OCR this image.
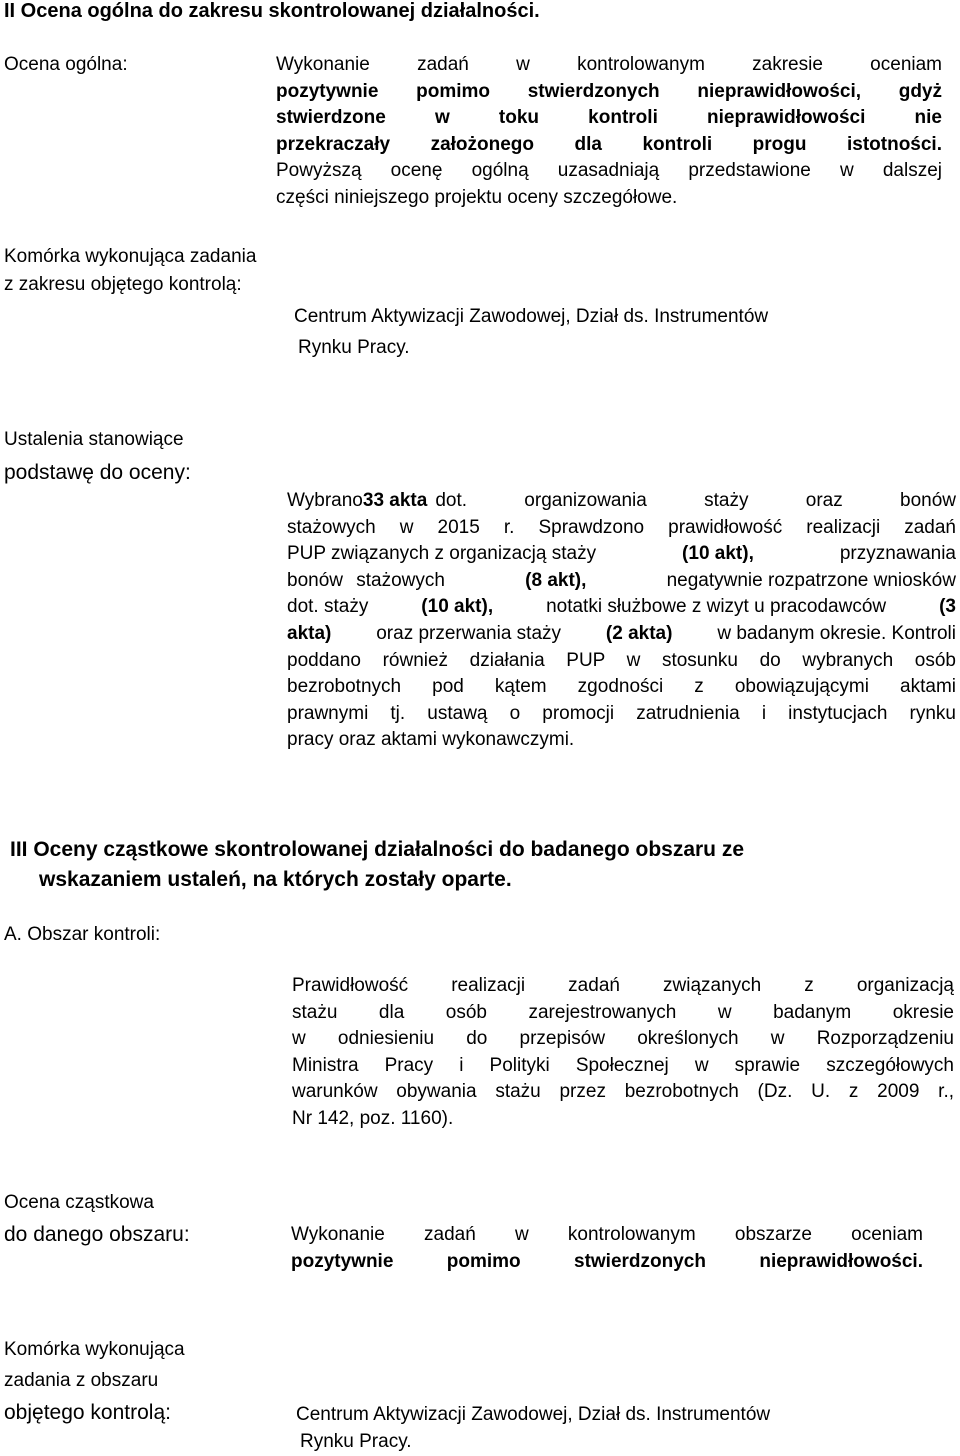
II Ocena ogólna do zakresu skontrolowanej działalności.
Ocena ogólna:	Wykonanie zadań w kontrolowanym zakresie oceniam
pozytywnie pomimo stwierdzonych nieprawidłowości, gdyż
stwierdzone w toku kontroli nieprawidłowości nie
przekraczały założonego dla kontroli progu istotności.
Powyższą ocenę ogólną uzasadniają przedstawione w dalszej
części niniejszego projektu oceny szczegółowe.
Komórka wykonująca zadania
z zakresu objętego kontrolą:
Centrum Aktywizacji Zawodowej, Dział ds. Instrumentów
Rynku Pracy.
Ustalenia stanowiące
podstawę do oceny:
Wybrano 33 akta dot. organizowania staży oraz bonów
stażowych w 2015 r. Sprawdzono prawidłowość realizacji zadań
PUP związanych z organizacją staży	(10 akt),	przyznawania
bonów stażowych	(8 akt),	negatywnie rozpatrzone wniosków
dot. staży	(10 akt),	notatki służbowe z wizyt u pracodawców	(3
akta) oraz przerwania staży (2 akta) w badanym okresie. Kontroli
poddano również działania PUP w stosunku do wybranych osób
bezrobotnych pod kątem zgodności z obowiązującymi aktami
prawnymi tj. ustawą o promocji zatrudnienia i instytucjach rynku
pracy oraz aktami wykonawczymi.
III Oceny cząstkowe skontrolowanej działalności do badanego obszaru ze
wskazaniem ustaleń, na których zostały oparte.
A. Obszar kontroli:
Prawidłowość realizacji zadań związanych z organizacją
stażu dla osób zarejestrowanych w badanym okresie
w odniesieniu do przepisów określonych w Rozporządzeniu
Ministra Pracy i Polityki Społecznej w sprawie szczegółowych
warunków obywania stażu przez bezrobotnych (Dz. U. z 2009 r.,
Nr 142, poz. 1160).
Ocena cząstkowa
do danego obszaru:	Wykonanie zadań w kontrolowanym obszarze oceniam
pozytywnie pomimo stwierdzonych nieprawidłowości.
Komórka wykonująca
zadania z obszaru
objętego kontrolą:	Centrum Aktywizacji Zawodowej, Dział ds. Instrumentów
Rynku Pracy.
